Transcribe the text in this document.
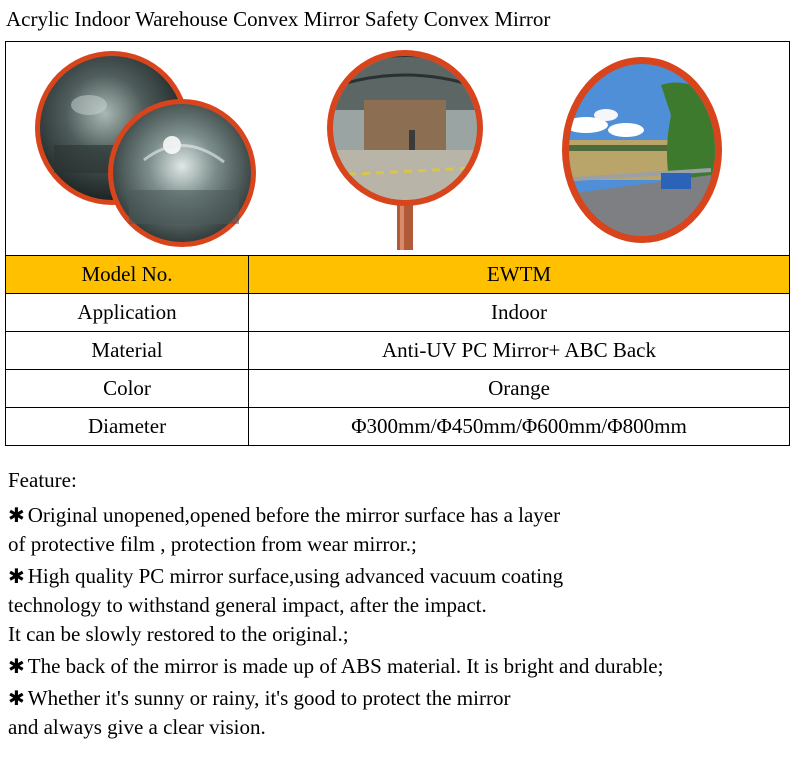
Acrylic Indoor Warehouse Convex Mirror Safety Convex Mirror
Model No.	EWTM
Application	Indoor
Material	Anti-UV PC Mirror+ ABC Back
Color	Orange
Diameter	Φ300mm/Φ450mm/Φ600mm/Φ800mm
Feature:
✱ Original unopened,opened before the mirror surface has a layer
of protective film , protection from wear mirror.;
✱ High quality PC mirror surface,using advanced vacuum coating
technology to withstand general impact, after the impact.
It can be slowly restored to the original.;
✱ The back of the mirror is made up of ABS material. It is bright and durable;
✱ Whether it's sunny or rainy, it's good to protect the mirror
and always give a clear vision.
